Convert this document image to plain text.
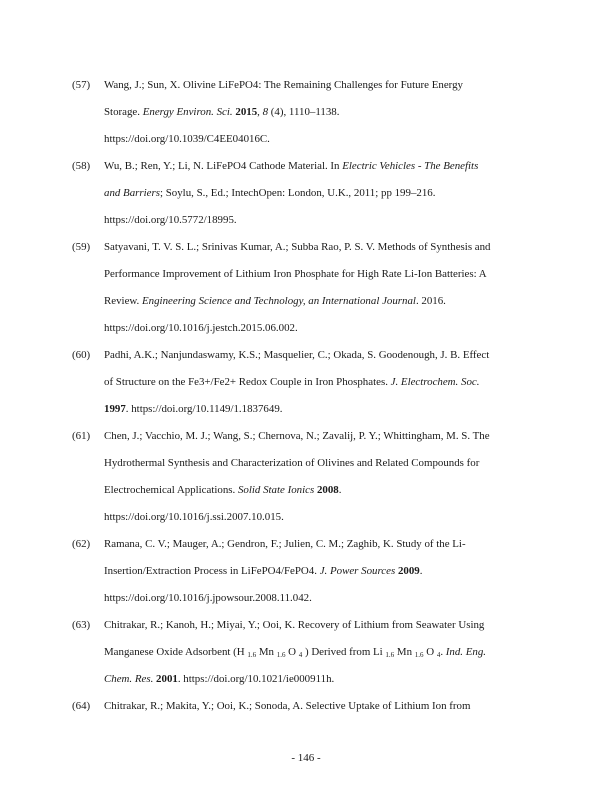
(57) Wang, J.; Sun, X. Olivine LiFePO4: The Remaining Challenges for Future Energy
Storage. Energy Environ. Sci. 2015, 8 (4), 1110–1138.
https://doi.org/10.1039/C4EE04016C.
(58) Wu, B.; Ren, Y.; Li, N. LiFePO4 Cathode Material. In Electric Vehicles - The Benefits
and Barriers; Soylu, S., Ed.; IntechOpen: London, U.K., 2011; pp 199–216.
https://doi.org/10.5772/18995.
(59) Satyavani, T. V. S. L.; Srinivas Kumar, A.; Subba Rao, P. S. V. Methods of Synthesis and
Performance Improvement of Lithium Iron Phosphate for High Rate Li-Ion Batteries: A
Review. Engineering Science and Technology, an International Journal. 2016.
https://doi.org/10.1016/j.jestch.2015.06.002.
(60) Padhi, A.K.; Nanjundaswamy, K.S.; Masquelier, C.; Okada, S. Goodenough, J. B. Effect
of Structure on the Fe3+/Fe2+ Redox Couple in Iron Phosphates. J. Electrochem. Soc.
1997. https://doi.org/10.1149/1.1837649.
(61) Chen, J.; Vacchio, M. J.; Wang, S.; Chernova, N.; Zavalij, P. Y.; Whittingham, M. S. The
Hydrothermal Synthesis and Characterization of Olivines and Related Compounds for
Electrochemical Applications. Solid State Ionics 2008.
https://doi.org/10.1016/j.ssi.2007.10.015.
(62) Ramana, C. V.; Mauger, A.; Gendron, F.; Julien, C. M.; Zaghib, K. Study of the Li-
Insertion/Extraction Process in LiFePO4/FePO4. J. Power Sources 2009.
https://doi.org/10.1016/j.jpowsour.2008.11.042.
(63) Chitrakar, R.; Kanoh, H.; Miyai, Y.; Ooi, K. Recovery of Lithium from Seawater Using
Manganese Oxide Adsorbent (H $_{1.6}$ Mn $_{1.6}$ O $_4$ ) Derived from Li $_{1.6}$ Mn $_{1.6}$ O $_4$. Ind. Eng.
Chem. Res. 2001. https://doi.org/10.1021/ie000911h.
(64) Chitrakar, R.; Makita, Y.; Ooi, K.; Sonoda, A. Selective Uptake of Lithium Ion from
- 146 -
